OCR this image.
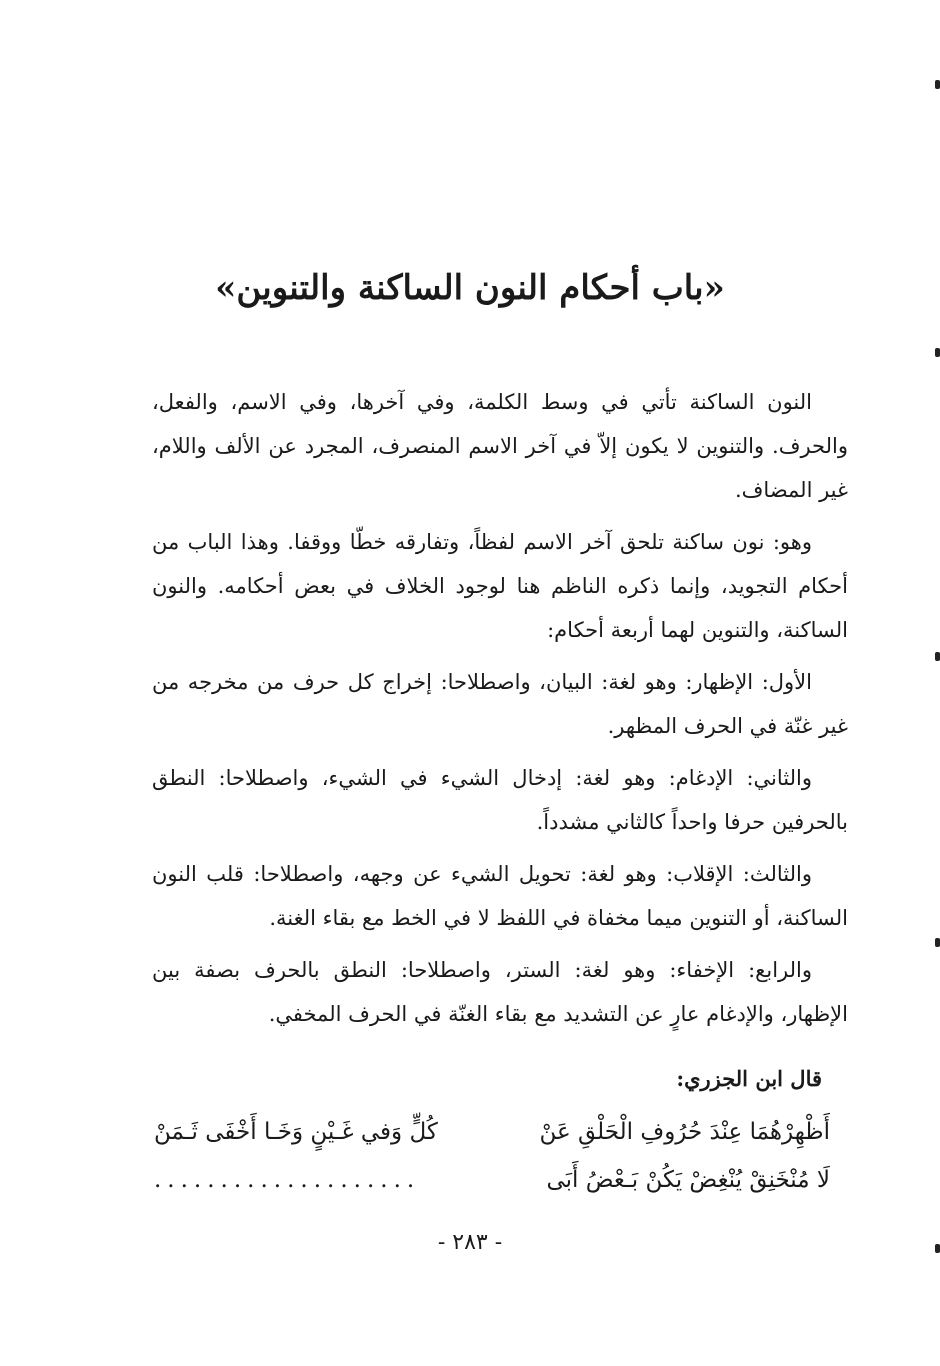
«باب أحكام النون الساكنة والتنوين»

النون الساكنة تأتي في وسط الكلمة، وفي آخرها، وفي الاسم، والفعل، والحرف. والتنوين لا يكون إلاّ في آخر الاسم المنصرف، المجرد عن الألف واللام، غير المضاف.

وهو: نون ساكنة تلحق آخر الاسم لفظاً، وتفارقه خطّا ووقفا. وهذا الباب من أحكام التجويد، وإنما ذكره الناظم هنا لوجود الخلاف في بعض أحكامه. والنون الساكنة، والتنوين لهما أربعة أحكام:

الأول: الإظهار: وهو لغة: البيان، واصطلاحا: إخراج كل حرف من مخرجه من غير غنّة في الحرف المظهر.

والثاني: الإدغام: وهو لغة: إدخال الشيء في الشيء، واصطلاحا: النطق بالحرفين حرفا واحداً كالثاني مشدداً.

والثالث: الإقلاب: وهو لغة: تحويل الشيء عن وجهه، واصطلاحا: قلب النون الساكنة، أو التنوين ميما مخفاة في اللفظ لا في الخط مع بقاء الغنة.

والرابع: الإخفاء: وهو لغة: الستر، واصطلاحا: النطق بالحرف بصفة بين الإظهار، والإدغام عارٍ عن التشديد مع بقاء الغنّة في الحرف المخفي.

قال ابن الجزري:
أَظْهِرْهُمَا عِنْدَ حُرُوفِ الْحَلْقِ عَنْ
كُلٍّ وَفي غَـيْنٍ وَخَـا أَخْفَى ثَـمَنْ
لَا مُنْخَنِقْ يُنْغِضْ يَكُنْ بَـعْضُ أَبَى
....................
- ٢٨٣ -
